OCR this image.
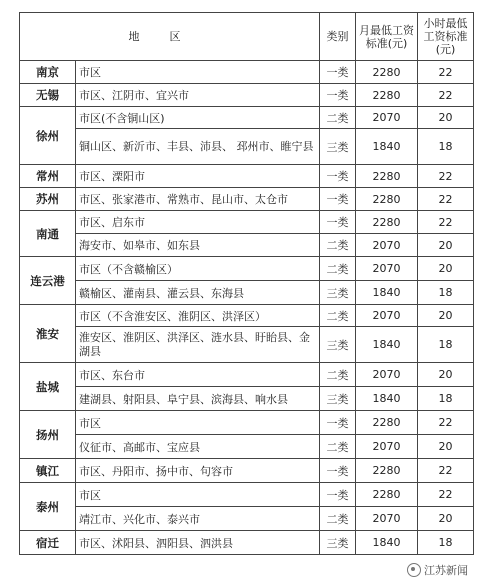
地区		类别	月最低工资标准(元)	小时最低工资标准(元)
南京	市区	一类	2280	22
无锡	市区、江阴市、宜兴市	一类	2280	22
徐州	市区(不含铜山区)	二类	2070	20
	铜山区、新沂市、丰县、沛县、 邳州市、睢宁县	三类	1840	18
常州	市区、溧阳市	一类	2280	22
苏州	市区、张家港市、常熟市、昆山市、太仓市	一类	2280	22
南通	市区、启东市	一类	2280	22
	海安市、如皋市、如东县	二类	2070	20
连云港	市区（不含赣榆区）	二类	2070	20
	赣榆区、灌南县、灌云县、东海县	三类	1840	18
淮安	市区（不含淮安区、淮阴区、洪泽区）	二类	2070	20
	淮安区、淮阴区、洪泽区、涟水县、盱眙县、金湖县	三类	1840	18
盐城	市区、东台市	二类	2070	20
	建湖县、射阳县、阜宁县、滨海县、响水县	三类	1840	18
扬州	市区	一类	2280	22
	仪征市、高邮市、宝应县	二类	2070	20
镇江	市区、丹阳市、扬中市、句容市	一类	2280	22
泰州	市区	一类	2280	22
	靖江市、兴化市、泰兴市	二类	2070	20
宿迁	市区、沭阳县、泗阳县、泗洪县	三类	1840	18
江苏新闻
